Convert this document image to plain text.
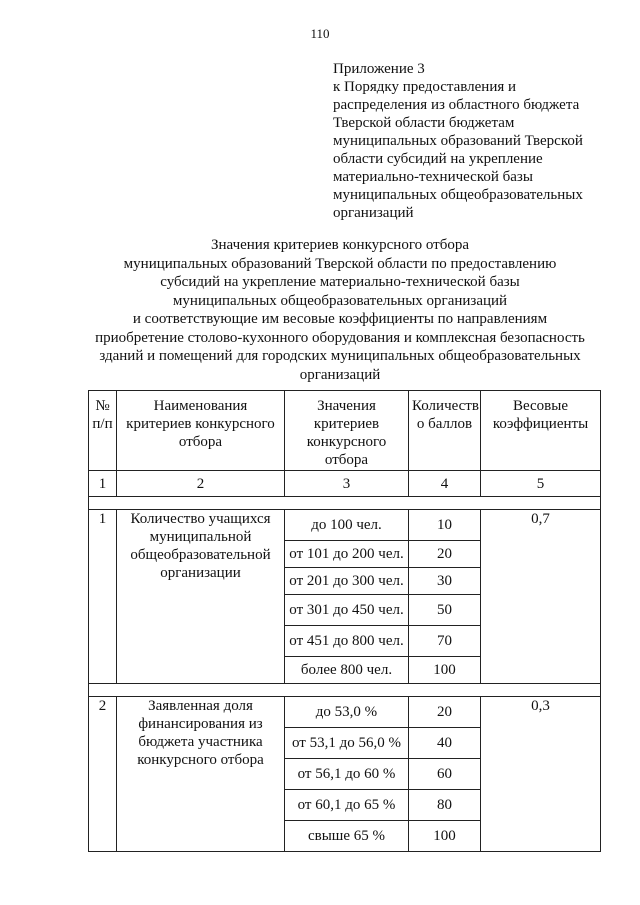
110
Приложение 3
к Порядку предоставления и
распределения из областного бюджета
Тверской области бюджетам
муниципальных образований Тверской
области субсидий на укрепление
материально-технической базы
муниципальных общеобразовательных
организаций
Значения критериев конкурсного отбора
муниципальных образований Тверской области по предоставлению
субсидий на укрепление материально-технической базы
муниципальных общеобразовательных организаций
и соответствующие им весовые коэффициенты по направлениям
приобретение столово-кухонного оборудования и комплексная безопасность
зданий и помещений для городских муниципальных общеобразовательных
организаций
№ п/п	Наименования критериев конкурсного отбора	Значения критериев конкурсного отбора	Количеств о баллов	Весовые коэффициенты
1	2	3	4	5

1	Количество учащихся муниципальной общеобразовательной организации	до 100 чел.	10	0,7
		от 101 до 200 чел.	20	
		от 201 до 300 чел.	30	
		от 301 до 450 чел.	50	
		от 451 до 800 чел.	70	
		более 800 чел.	100	

2	Заявленная доля финансирования из бюджета участника конкурсного отбора	до 53,0 %	20	0,3
		от 53,1 до 56,0 %	40	
		от 56,1 до 60 %	60	
		от 60,1 до 65 %	80	
		свыше 65 %	100	
